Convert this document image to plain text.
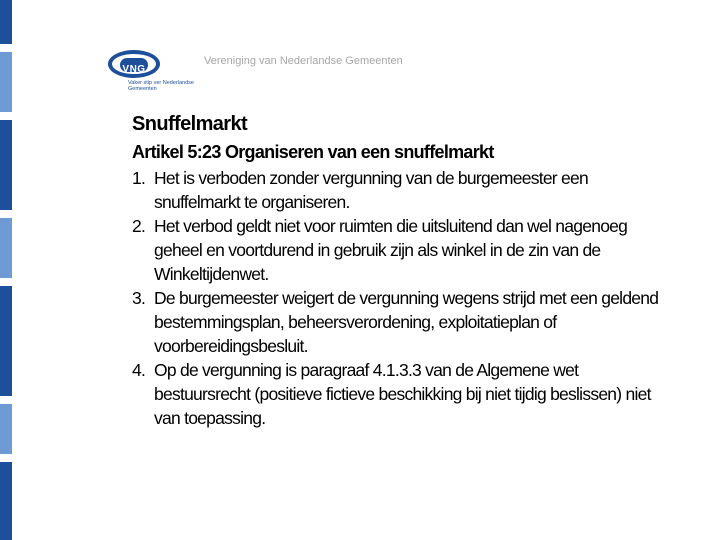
VNG
Vaker stip ver Nederlandse Gemeenten
Vereniging van Nederlandse Gemeenten
Snuffelmarkt
Artikel 5:23 Organiseren van een snuffelmarkt
1. Het is verboden zonder vergunning van de burgemeester een snuffelmarkt te organiseren.
2. Het verbod geldt niet voor ruimten die uitsluitend dan wel nagenoeg geheel en voortdurend in gebruik zijn als winkel in de zin van de Winkeltijdenwet.
3. De burgemeester weigert de vergunning wegens strijd met een geldend bestemmingsplan, beheersverordening, exploitatieplan of voorbereidingsbesluit.
4. Op de vergunning is paragraaf 4.1.3.3 van de Algemene wet bestuursrecht (positieve fictieve beschikking bij niet tijdig beslissen) niet van toepassing.
